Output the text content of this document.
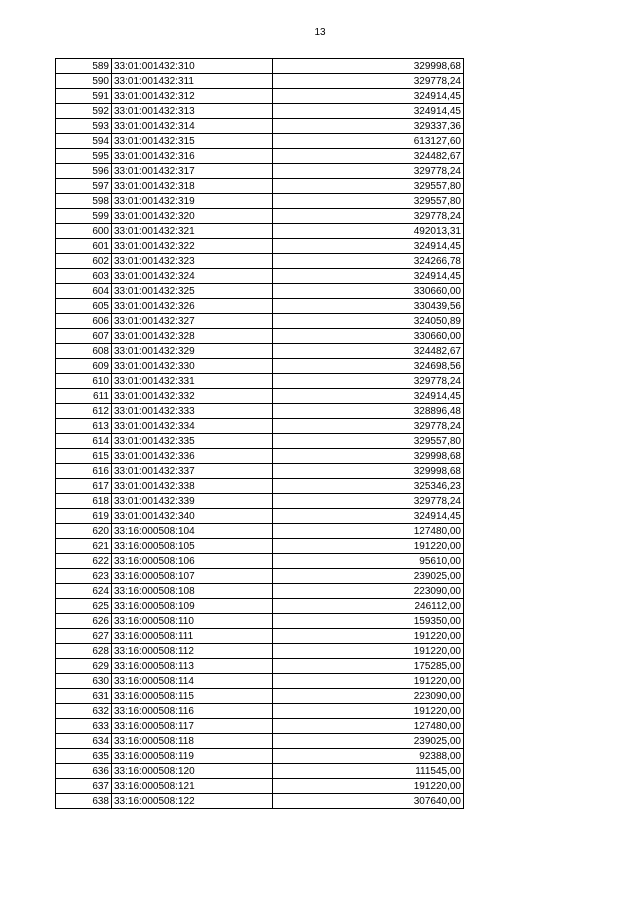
13
589	33:01:001432:310	329998,68
590	33:01:001432:311	329778,24
591	33:01:001432:312	324914,45
592	33:01:001432:313	324914,45
593	33:01:001432:314	329337,36
594	33:01:001432:315	613127,60
595	33:01:001432:316	324482,67
596	33:01:001432:317	329778,24
597	33:01:001432:318	329557,80
598	33:01:001432:319	329557,80
599	33:01:001432:320	329778,24
600	33:01:001432:321	492013,31
601	33:01:001432:322	324914,45
602	33:01:001432:323	324266,78
603	33:01:001432:324	324914,45
604	33:01:001432:325	330660,00
605	33:01:001432:326	330439,56
606	33:01:001432:327	324050,89
607	33:01:001432:328	330660,00
608	33:01:001432:329	324482,67
609	33:01:001432:330	324698,56
610	33:01:001432:331	329778,24
611	33:01:001432:332	324914,45
612	33:01:001432:333	328896,48
613	33:01:001432:334	329778,24
614	33:01:001432:335	329557,80
615	33:01:001432:336	329998,68
616	33:01:001432:337	329998,68
617	33:01:001432:338	325346,23
618	33:01:001432:339	329778,24
619	33:01:001432:340	324914,45
620	33:16:000508:104	127480,00
621	33:16:000508:105	191220,00
622	33:16:000508:106	95610,00
623	33:16:000508:107	239025,00
624	33:16:000508:108	223090,00
625	33:16:000508:109	246112,00
626	33:16:000508:110	159350,00
627	33:16:000508:111	191220,00
628	33:16:000508:112	191220,00
629	33:16:000508:113	175285,00
630	33:16:000508:114	191220,00
631	33:16:000508:115	223090,00
632	33:16:000508:116	191220,00
633	33:16:000508:117	127480,00
634	33:16:000508:118	239025,00
635	33:16:000508:119	92388,00
636	33:16:000508:120	111545,00
637	33:16:000508:121	191220,00
638	33:16:000508:122	307640,00
